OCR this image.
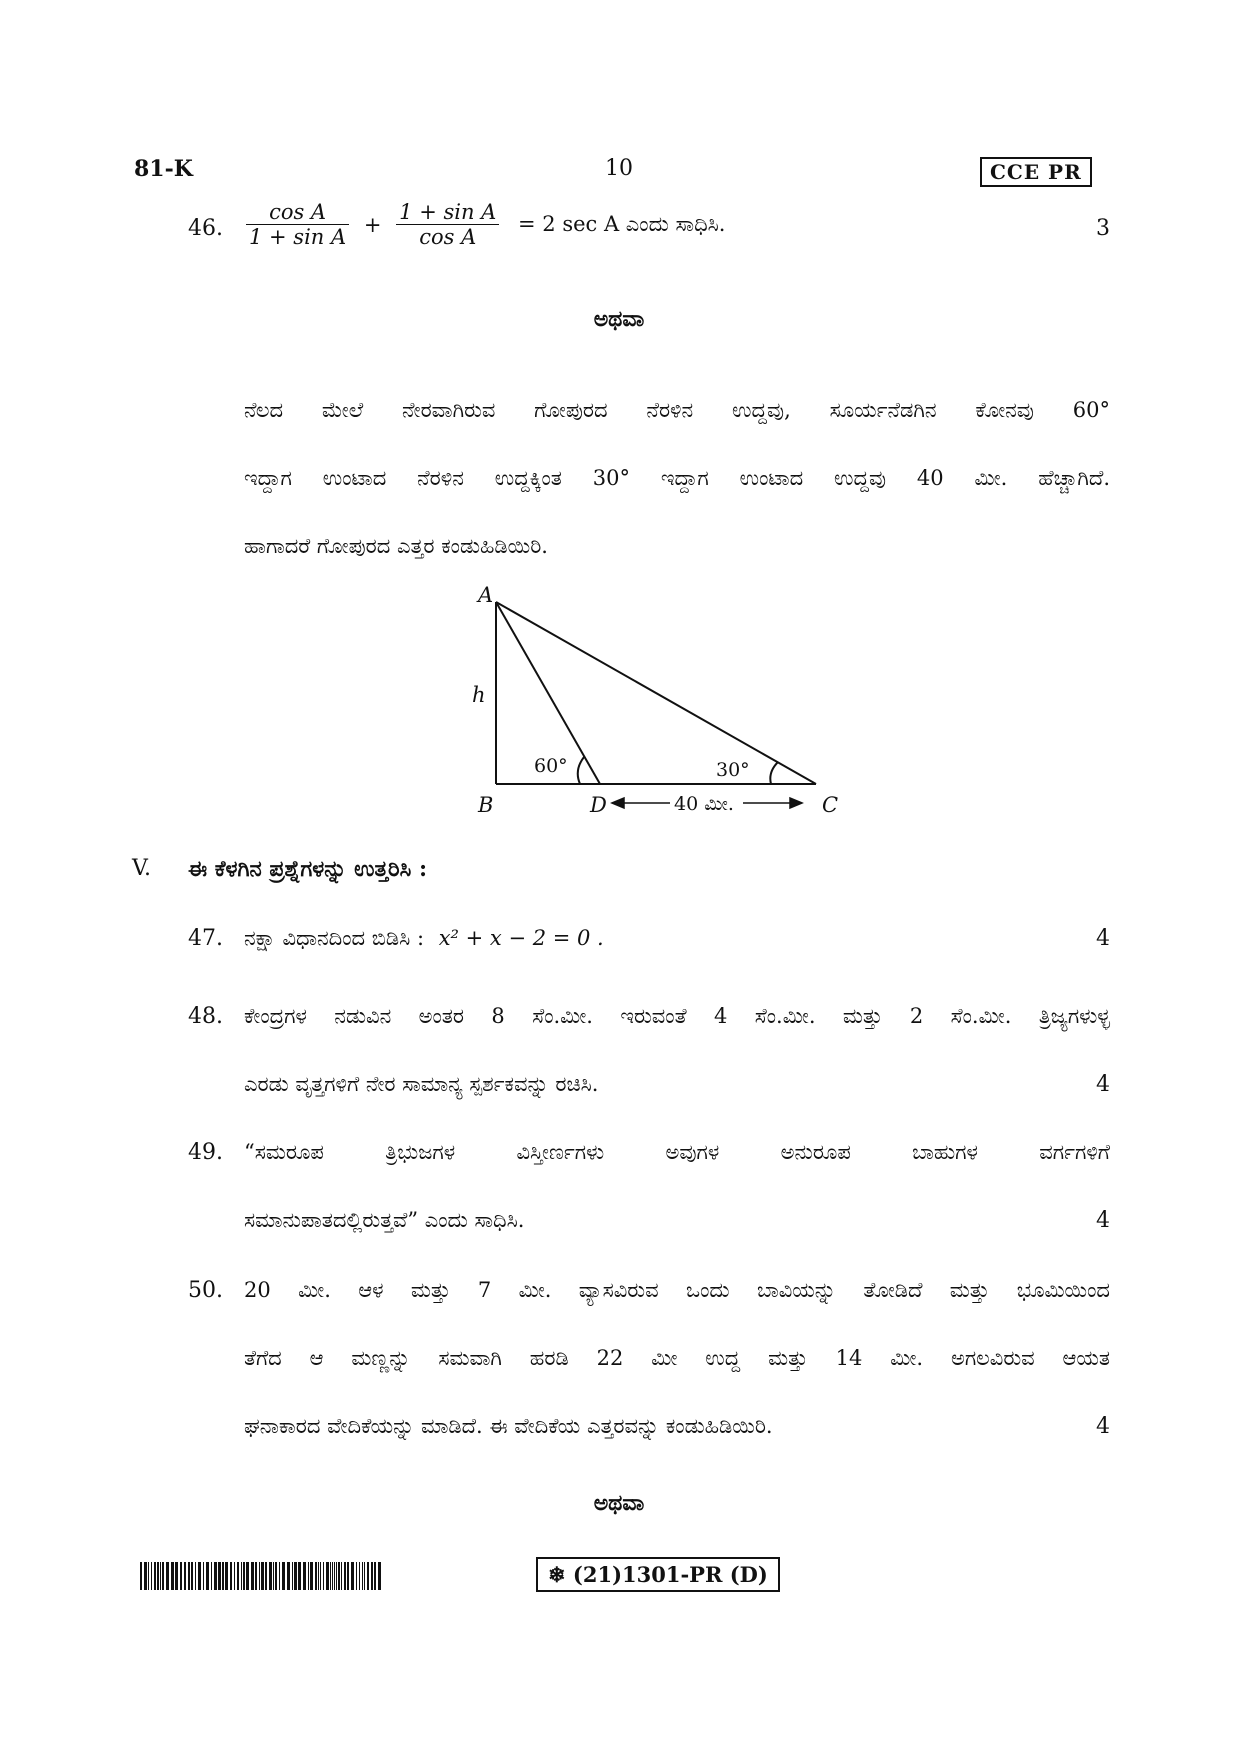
81-K	10	CCE PR
46. $\frac{\text{cos A}}{\text{1 + sin A}} + \frac{\text{1 + sin A}}{\text{cos A}} = 2$ sec A ಎಂದು ಸಾಧಿಸಿ.	3
ಅಥವಾ
ನೆಲದ ಮೇಲೆ ನೇರವಾಗಿರುವ ಗೋಪುರದ ನೆರಳಿನ ಉದ್ದವು, ಸೂರ್ಯನೆಡಗಿನ ಕೋನವು 60°
ಇದ್ದಾಗ ಉಂಟಾದ ನೆರಳಿನ ಉದ್ದಕ್ಕಿಂತ 30° ಇದ್ದಾಗ ಉಂಟಾದ ಉದ್ದವು 40 ಮೀ. ಹೆಚ್ಚಾಗಿದೆ.
ಹಾಗಾದರೆ ಗೋಪುರದ ಎತ್ತರ ಕಂಡುಹಿಡಿಯಿರಿ.
A
B	C
D
h
60°	30°
40 ಮೀ.
V. ಈ ಕೆಳಗಿನ ಪ್ರಶ್ನೆಗಳನ್ನು ಉತ್ತರಿಸಿ :
47. ನಕ್ಷಾ ವಿಧಾನದಿಂದ ಬಿಡಿಸಿ : x² + x − 2 = 0 .	4
48. ಕೇಂದ್ರಗಳ ನಡುವಿನ ಅಂತರ 8 ಸೆಂ.ಮೀ. ಇರುವಂತೆ 4 ಸೆಂ.ಮೀ. ಮತ್ತು 2 ಸೆಂ.ಮೀ. ತ್ರಿಜ್ಯಗಳುಳ್ಳ
ಎರಡು ವೃತ್ತಗಳಿಗೆ ನೇರ ಸಾಮಾನ್ಯ ಸ್ಪರ್ಶಕವನ್ನು ರಚಿಸಿ.	4
49. “ಸಮರೂಪ ತ್ರಿಭುಜಗಳ ವಿಸ್ತೀರ್ಣಗಳು ಅವುಗಳ ಅನುರೂಪ ಬಾಹುಗಳ ವರ್ಗಗಳಿಗೆ
ಸಮಾನುಪಾತದಲ್ಲಿರುತ್ತವೆ” ಎಂದು ಸಾಧಿಸಿ.	4
50. 20 ಮೀ. ಆಳ ಮತ್ತು 7 ಮೀ. ವ್ಯಾಸವಿರುವ ಒಂದು ಬಾವಿಯನ್ನು ತೋಡಿದೆ ಮತ್ತು ಭೂಮಿಯಿಂದ
ತೆಗೆದ ಆ ಮಣ್ಣನ್ನು ಸಮವಾಗಿ ಹರಡಿ 22 ಮೀ ಉದ್ದ ಮತ್ತು 14 ಮೀ. ಅಗಲವಿರುವ ಆಯತ
ಘನಾಕಾರದ ವೇದಿಕೆಯನ್ನು ಮಾಡಿದೆ. ಈ ವೇದಿಕೆಯ ಎತ್ತರವನ್ನು ಕಂಡುಹಿಡಿಯಿರಿ.	4
ಅಥವಾ
❄ (21)1301-PR (D)
